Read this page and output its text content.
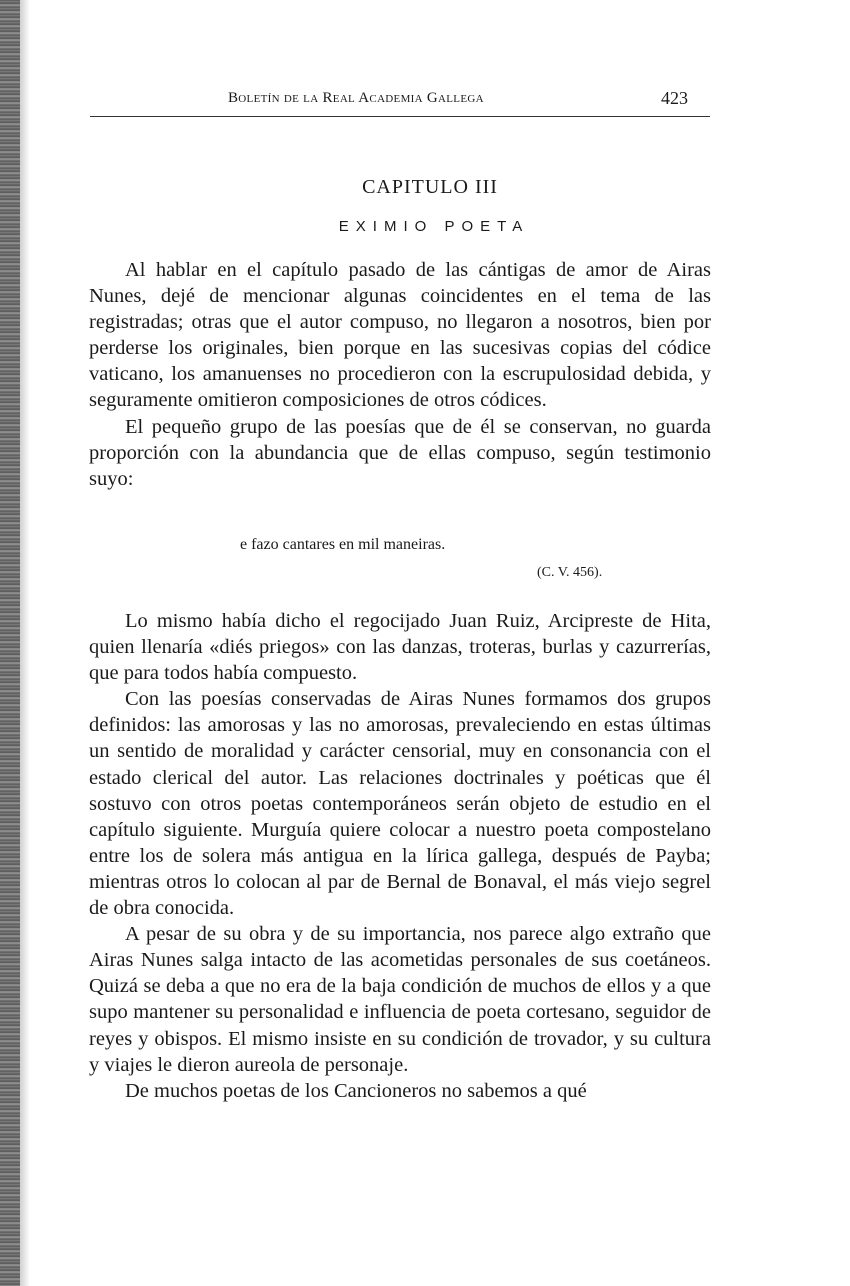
Boletín de la Real Academia Gallega	423
CAPITULO III
EXIMIO POETA

Al hablar en el capítulo pasado de las cántigas de amor de Airas Nunes, dejé de mencionar algunas coincidentes en el tema de las registradas; otras que el autor compuso, no llegaron a nosotros, bien por perderse los originales, bien porque en las sucesivas copias del códice vaticano, los amanuenses no procedieron con la escrupulosidad debida, y seguramente omitieron composiciones de otros códices.

El pequeño grupo de las poesías que de él se conservan, no guarda proporción con la abundancia que de ellas compuso, según testimonio suyo:

e fazo cantares en mil maneiras.
(C. V. 456).

Lo mismo había dicho el regocijado Juan Ruiz, Arcipreste de Hita, quien llenaría «diés priegos» con las danzas, troteras, burlas y cazurrerías, que para todos había compuesto.

Con las poesías conservadas de Airas Nunes formamos dos grupos definidos: las amorosas y las no amorosas, prevaleciendo en estas últimas un sentido de moralidad y carácter censorial, muy en consonancia con el estado clerical del autor. Las relaciones doctrinales y poéticas que él sostuvo con otros poetas contemporáneos serán objeto de estudio en el capítulo siguiente. Murguía quiere colocar a nuestro poeta compostelano entre los de solera más antigua en la lírica gallega, después de Payba; mientras otros lo colocan al par de Bernal de Bonaval, el más viejo segrel de obra conocida.

A pesar de su obra y de su importancia, nos parece algo extraño que Airas Nunes salga intacto de las acometidas personales de sus coetáneos. Quizá se deba a que no era de la baja condición de muchos de ellos y a que supo mantener su personalidad e influencia de poeta cortesano, seguidor de reyes y obispos. El mismo insiste en su condición de trovador, y su cultura y viajes le dieron aureola de personaje.

De muchos poetas de los Cancioneros no sabemos a qué
